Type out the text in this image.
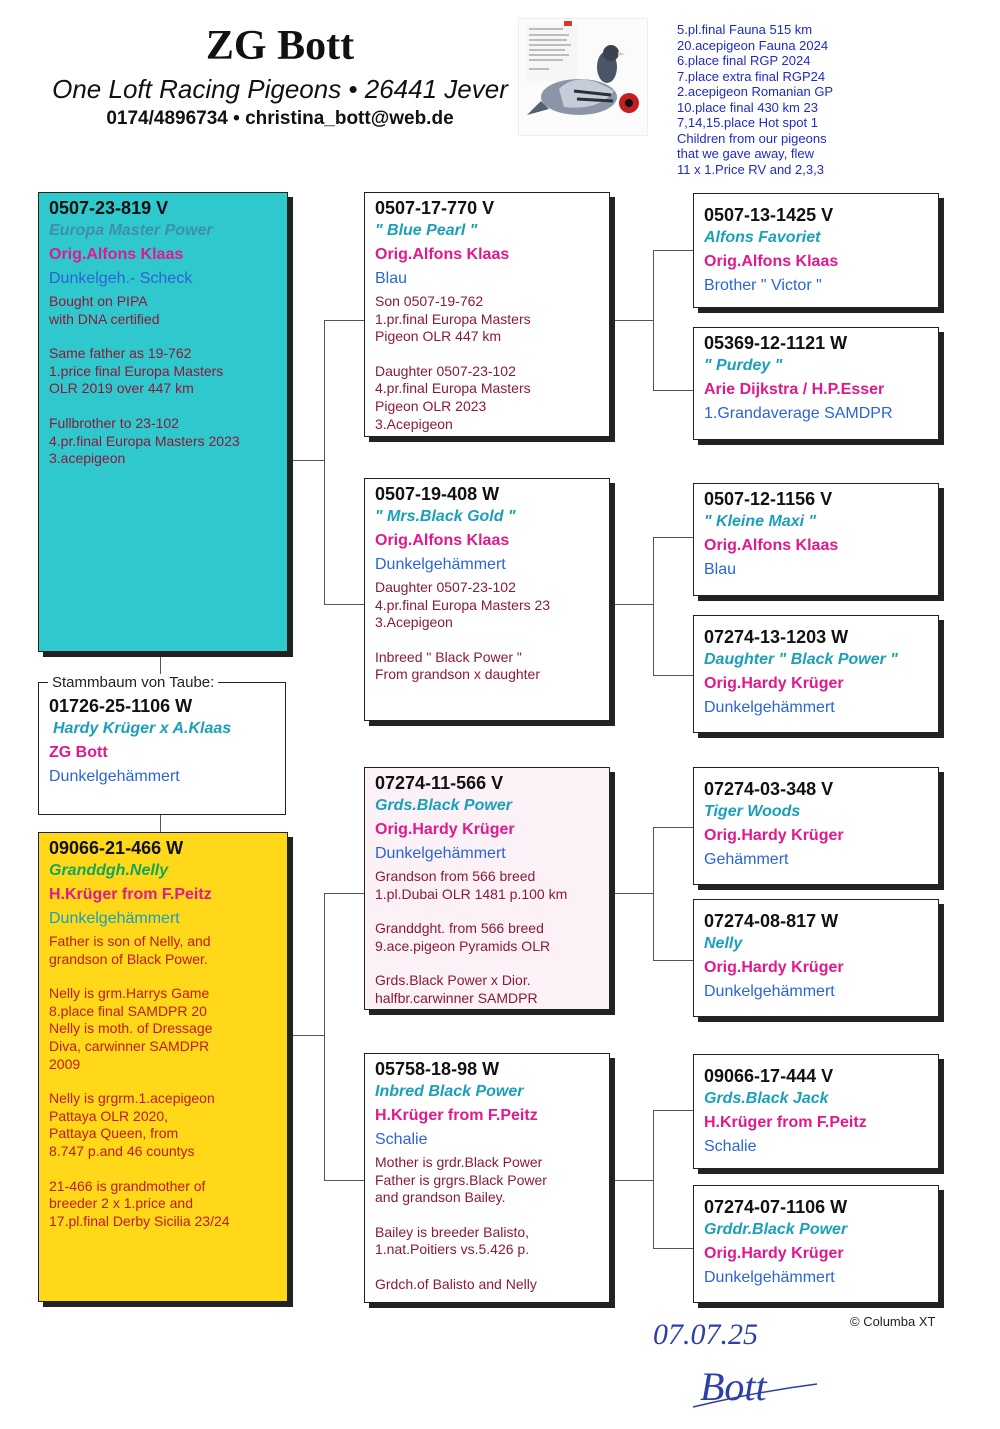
ZG Bott
One Loft Racing Pigeons • 26441 Jever
0174/4896734 • christina_bott@web.de
5.pl.final Fauna 515 km
20.acepigeon Fauna 2024
6.place final RGP 2024
7.place extra final RGP24
2.acepigeon Romanian GP
10.place final 430 km 23
7,14,15.place Hot spot 1
Children from our pigeons
that we gave away, flew
11 x 1.Price RV and 2,3,3
0507-23-819 V
Europa Master Power
Orig.Alfons Klaas
Dunkelgeh.- Scheck

Bought on PIPA
with DNA certified

Same father as 19-762
1.price final Europa Masters
OLR 2019 over 447 km

Fullbrother to 23-102
4.pr.final Europa Masters 2023
3.acepigeon

01726-25-1106 W
Hardy Krüger x A.Klaas
ZG Bott
Dunkelgehämmert
Stammbaum von Taube:
09066-21-466 W
Granddgh.Nelly
H.Krüger from F.Peitz
Dunkelgehämmert

Father is son of Nelly, and
grandson of Black Power.

Nelly is grm.Harrys Game
8.place final SAMDPR 20
Nelly is moth. of Dressage
Diva, carwinner SAMDPR
2009

Nelly is grgrm.1.acepigeon
Pattaya OLR 2020,
Pattaya Queen, from
8.747 p.and 46 countys

21-466 is grandmother of
breeder 2 x 1.price and
17.pl.final Derby Sicilia 23/24

0507-17-770 V
" Blue Pearl "
Orig.Alfons Klaas
Blau

Son 0507-19-762
1.pr.final Europa Masters
Pigeon OLR 447 km

Daughter 0507-23-102
4.pr.final Europa Masters
Pigeon OLR 2023
3.Acepigeon

0507-19-408 W
" Mrs.Black Gold "
Orig.Alfons Klaas
Dunkelgehämmert

Daughter 0507-23-102
4.pr.final Europa Masters 23
3.Acepigeon

Inbreed " Black Power "
From grandson x daughter

07274-11-566 V
Grds.Black Power
Orig.Hardy Krüger
Dunkelgehämmert

Grandson from 566 breed
1.pl.Dubai OLR 1481 p.100 km

Granddght. from 566 breed
9.ace.pigeon Pyramids OLR

Grds.Black Power x Dior.
halfbr.carwinner SAMDPR

05758-18-98 W
Inbred Black Power
H.Krüger from F.Peitz
Schalie

Mother is grdr.Black Power
Father is grgrs.Black Power
and grandson Bailey.

Bailey is breeder Balisto,
1.nat.Poitiers vs.5.426 p.

Grdch.of Balisto and Nelly

0507-13-1425 V
Alfons Favoriet
Orig.Alfons Klaas
Brother " Victor "
05369-12-1121 W
" Purdey "
Arie Dijkstra / H.P.Esser
1.Grandaverage SAMDPR
0507-12-1156 V
" Kleine Maxi "
Orig.Alfons Klaas
Blau
07274-13-1203 W
Daughter " Black Power "
Orig.Hardy Krüger
Dunkelgehämmert
07274-03-348 V
Tiger Woods
Orig.Hardy Krüger
Gehämmert
07274-08-817 W
Nelly
Orig.Hardy Krüger
Dunkelgehämmert
09066-17-444 V
Grds.Black Jack
H.Krüger from F.Peitz
Schalie
07274-07-1106 W
Grddr.Black Power
Orig.Hardy Krüger
Dunkelgehämmert
© Columba XT
07.07.25
Bott
